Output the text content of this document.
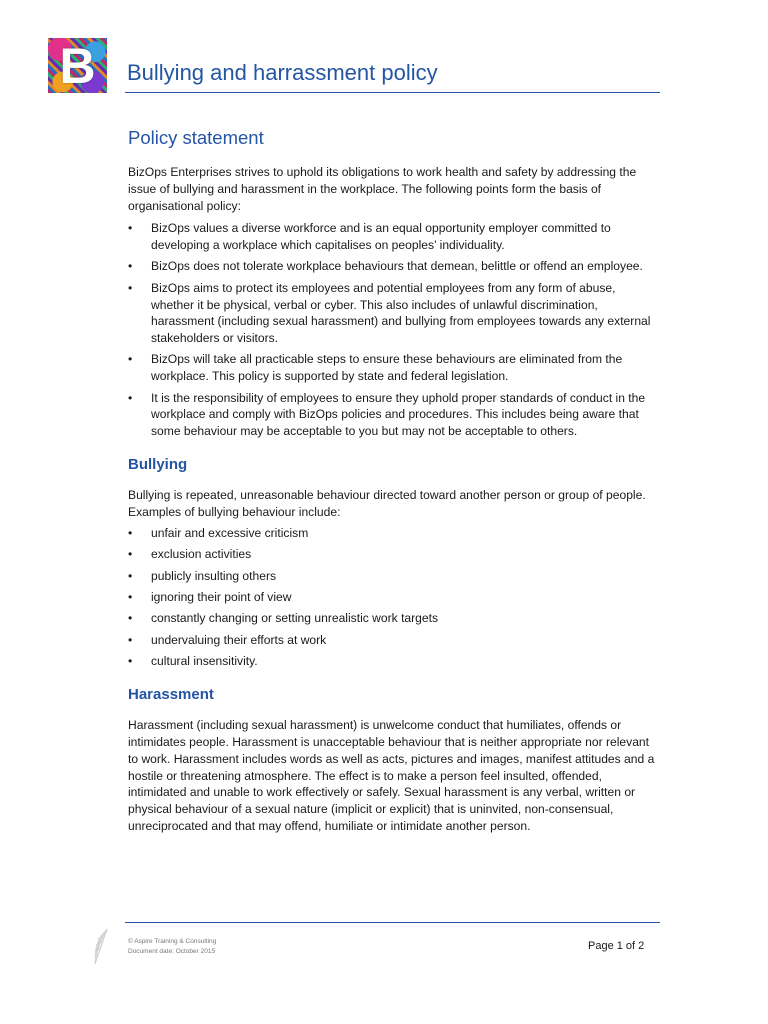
B	Bullying and harrassment policy
Policy statement

BizOps Enterprises strives to uphold its obligations to work health and safety by addressing the issue of bullying and harassment in the workplace. The following points form the basis of organisational policy:

• BizOps values a diverse workforce and is an equal opportunity employer committed to developing a workplace which capitalises on peoples’ individuality.
• BizOps does not tolerate workplace behaviours that demean, belittle or offend an employee.
• BizOps aims to protect its employees and potential employees from any form of abuse, whether it be physical, verbal or cyber. This also includes of unlawful discrimination, harassment (including sexual harassment) and bullying from employees towards any external stakeholders or visitors.
• BizOps will take all practicable steps to ensure these behaviours are eliminated from the workplace. This policy is supported by state and federal legislation.
• It is the responsibility of employees to ensure they uphold proper standards of conduct in the workplace and comply with BizOps policies and procedures. This includes being aware that some behaviour may be acceptable to you but may not be acceptable to others.
Bullying

Bullying is repeated, unreasonable behaviour directed toward another person or group of people. Examples of bullying behaviour include:

• unfair and excessive criticism
• exclusion activities
• publicly insulting others
• ignoring their point of view
• constantly changing or setting unrealistic work targets
• undervaluing their efforts at work
• cultural insensitivity.
Harassment

Harassment (including sexual harassment) is unwelcome conduct that humiliates, offends or intimidates people. Harassment is unacceptable behaviour that is neither appropriate nor relevant to work. Harassment includes words as well as acts, pictures and images, manifest attitudes and a hostile or threatening atmosphere. The effect is to make a person feel insulted, offended, intimidated and unable to work effectively or safely. Sexual harassment is any verbal, written or physical behaviour of a sexual nature (implicit or explicit) that is uninvited, non-consensual, unreciprocated and that may offend, humiliate or intimidate another person.

© Aspire Training & Consulting
Document date: October 2015	Page 1 of 2
